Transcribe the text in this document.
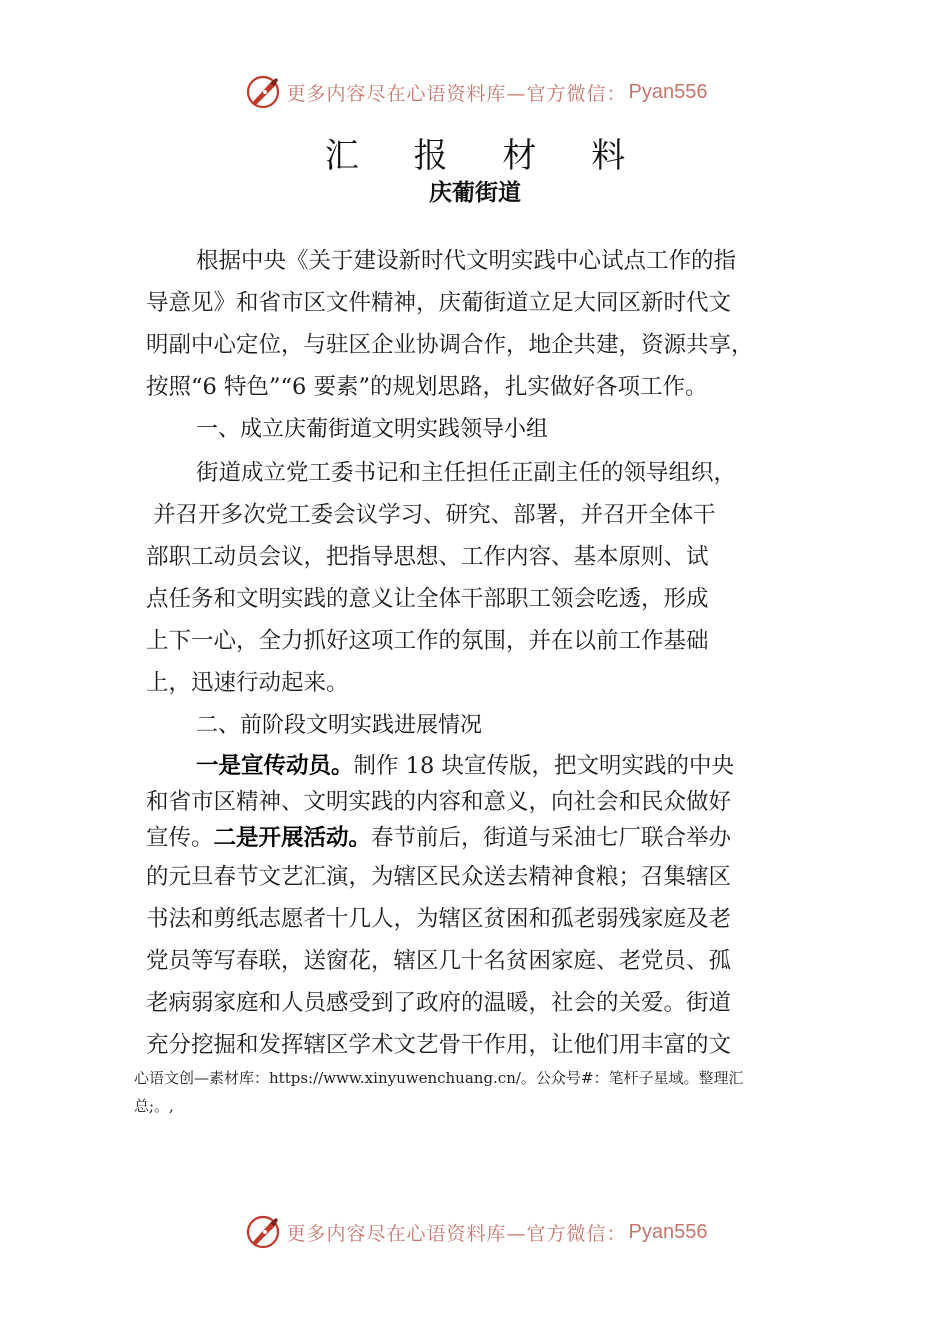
更多内容尽在心语资料库—官方微信： Pyan556
汇 报 材 料
庆葡街道
根据中央《关于建设新时代文明实践中心试点工作的指
导意见》和省市区文件精神，庆葡街道立足大同区新时代文
明副中心定位，与驻区企业协调合作，地企共建，资源共享，
按照“6 特色”“6 要素”的规划思路，扎实做好各项工作。
一、成立庆葡街道文明实践领导小组
街道成立党工委书记和主任担任正副主任的领导组织，
并召开多次党工委会议学习、研究、部署，并召开全体干
部职工动员会议，把指导思想、工作内容、基本原则、试
点任务和文明实践的意义让全体干部职工领会吃透，形成
上下一心，全力抓好这项工作的氛围，并在以前工作基础
上，迅速行动起来。
二、前阶段文明实践进展情况
一是宣传动员。制作 18 块宣传版，把文明实践的中央
和省市区精神、文明实践的内容和意义，向社会和民众做好
宣传。二是开展活动。春节前后，街道与采油七厂联合举办
的元旦春节文艺汇演，为辖区民众送去精神食粮；召集辖区
书法和剪纸志愿者十几人，为辖区贫困和孤老弱残家庭及老
党员等写春联，送窗花，辖区几十名贫困家庭、老党员、孤
老病弱家庭和人员感受到了政府的温暖，社会的关爱。街道
充分挖掘和发挥辖区学术文艺骨干作用，让他们用丰富的文
心语文创—素材库：https://www.xinyuwenchuang.cn/。公众号#：笔杆子星域。整理汇
总;。,
更多内容尽在心语资料库—官方微信： Pyan556
